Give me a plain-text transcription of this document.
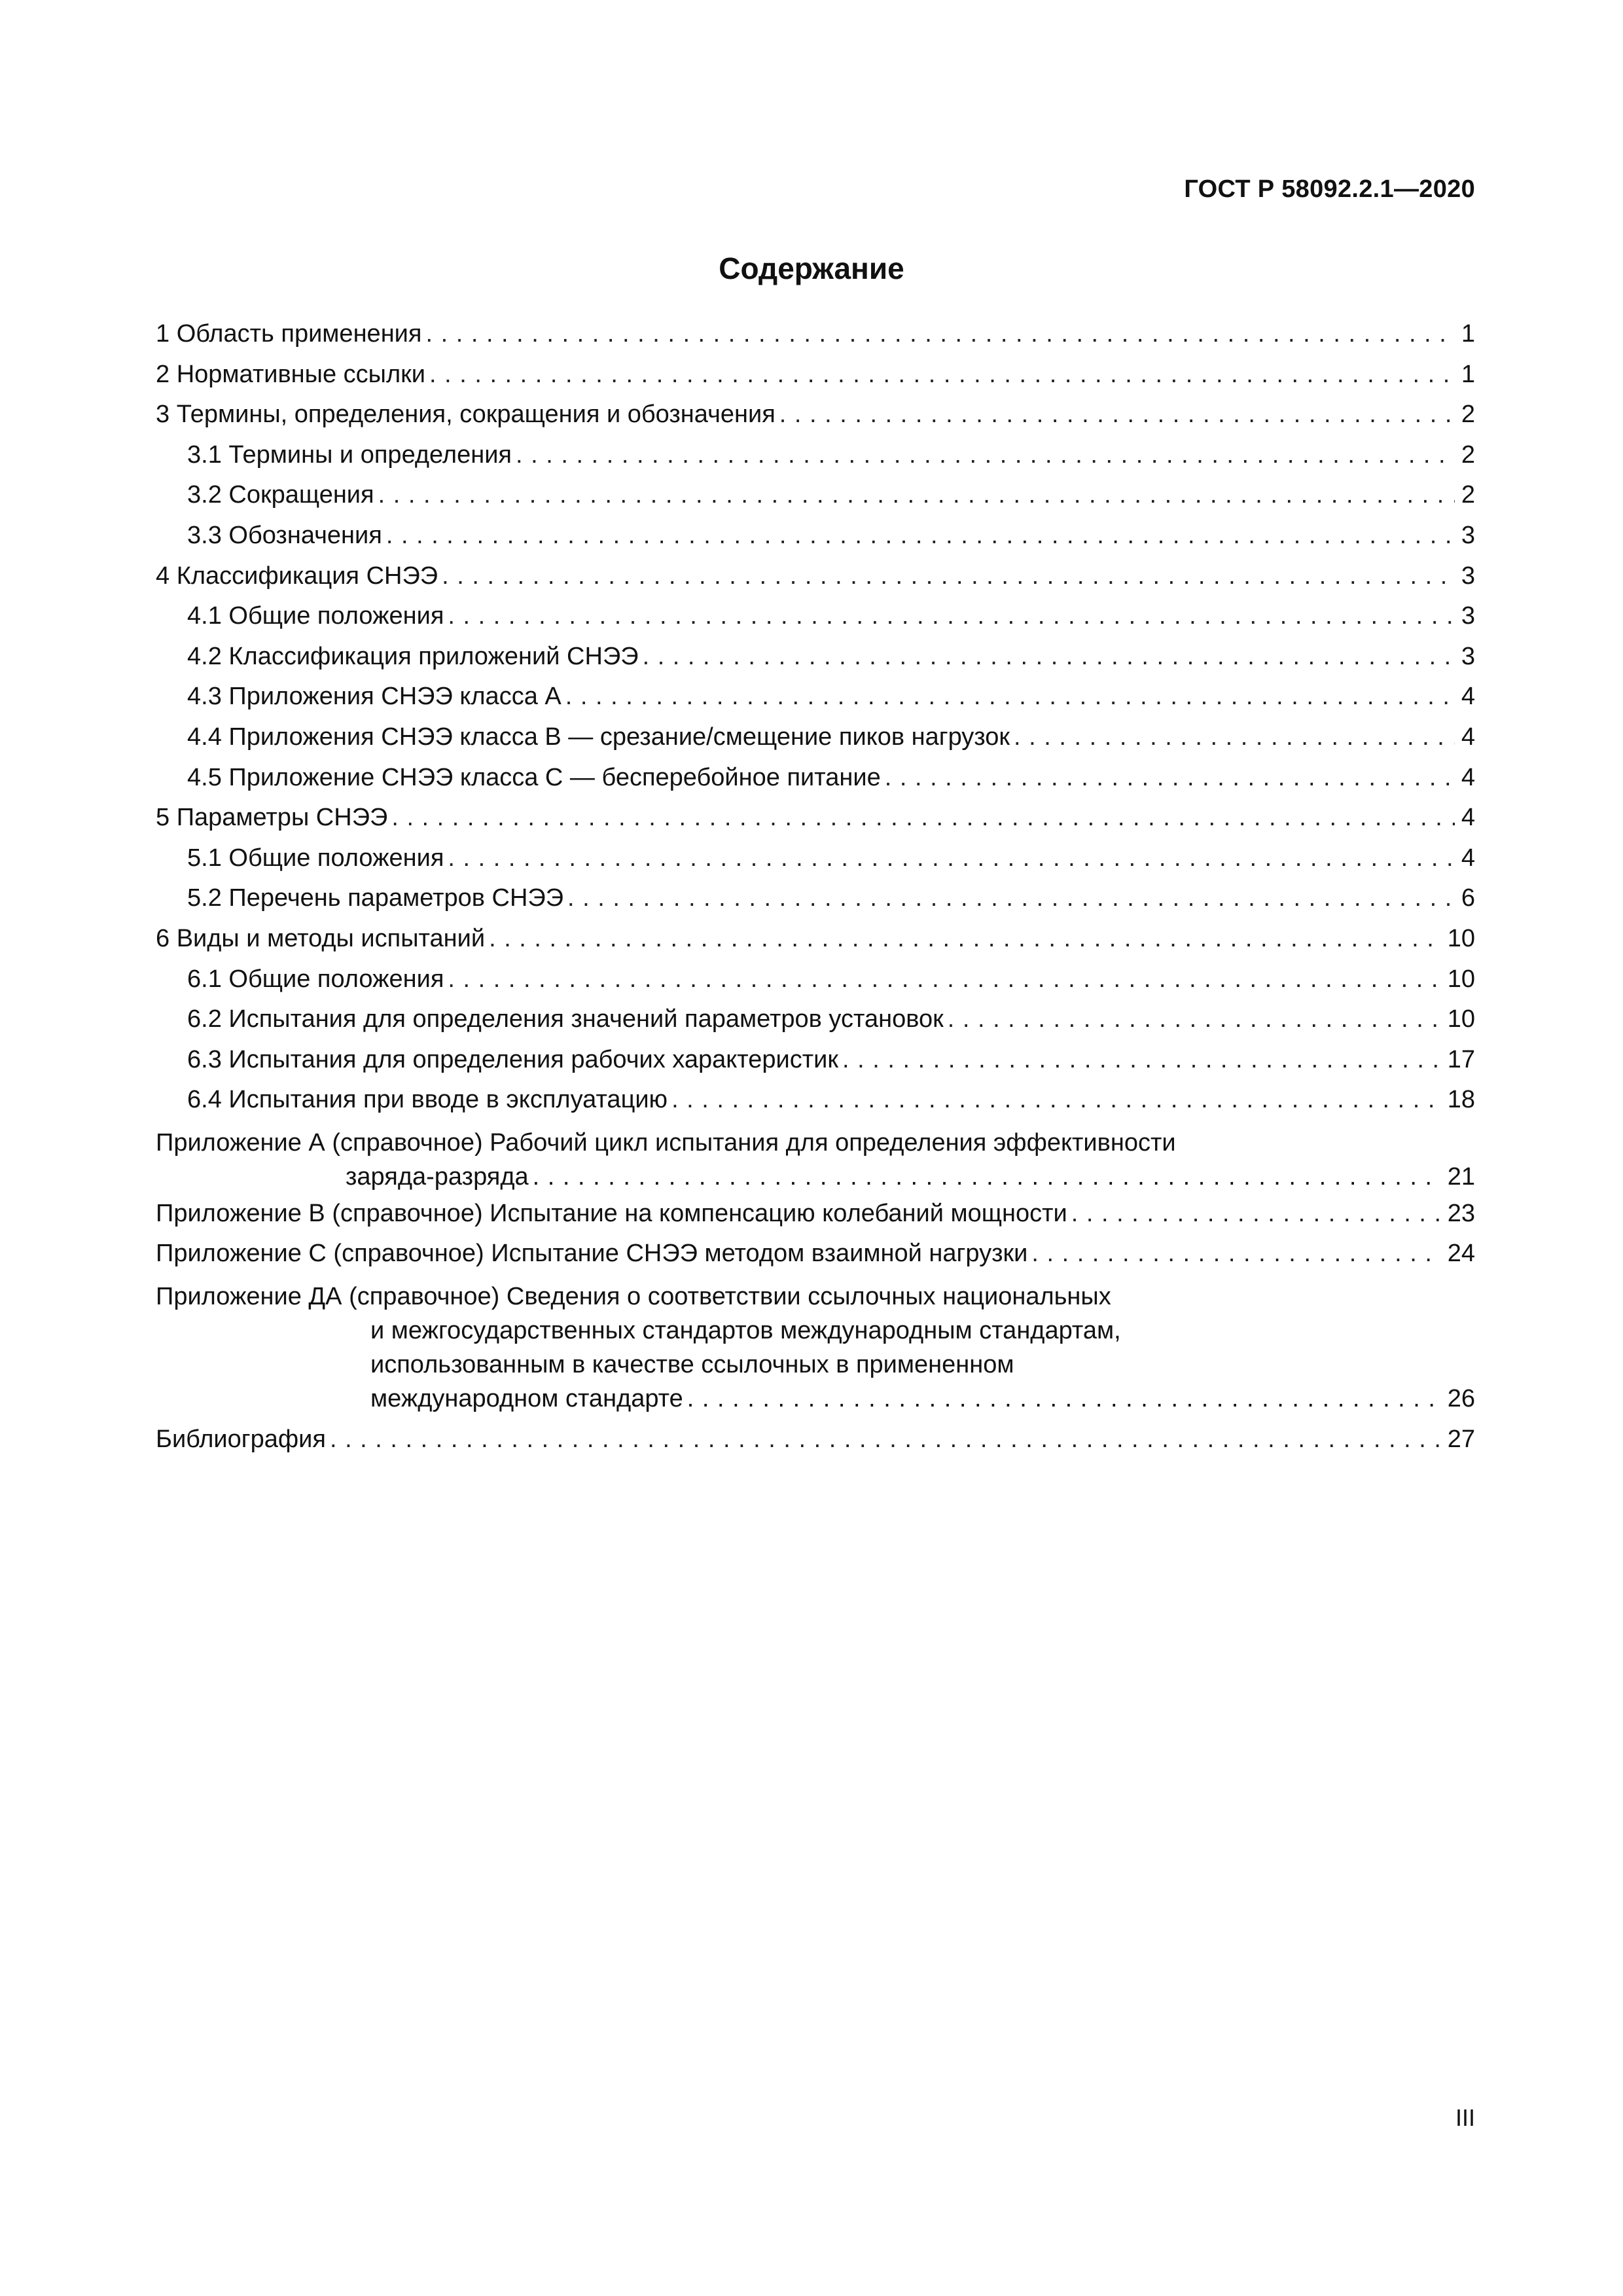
ГОСТ Р 58092.2.1—2020
Содержание
1 Область применения . . .	1
2 Нормативные ссылки . . .	1
3 Термины, определения, сокращения и обозначения . . .	2
3.1 Термины и определения . . .	2
3.2 Сокращения . . .	2
3.3 Обозначения . . .	3
4 Классификация СНЭЭ . . .	3
4.1 Общие положения . . .	3
4.2 Классификация приложений СНЭЭ . . .	3
4.3 Приложения СНЭЭ класса А . . .	4
4.4 Приложения СНЭЭ класса В — срезание/смещение пиков нагрузок . . .	4
4.5 Приложение СНЭЭ класса С — бесперебойное питание . . .	4
5 Параметры СНЭЭ . . .	4
5.1 Общие положения . . .	4
5.2 Перечень параметров СНЭЭ . . .	6
6 Виды и методы испытаний . . .	10
6.1 Общие положения . . .	10
6.2 Испытания для определения значений параметров установок . . .	10
6.3 Испытания для определения рабочих характеристик . . .	17
6.4 Испытания при вводе в эксплуатацию . . .	18
Приложение А (справочное) Рабочий цикл испытания для определения эффективности
заряда-разряда . . .	21
Приложение В (справочное) Испытание на компенсацию колебаний мощности . . .	23
Приложение С (справочное) Испытание СНЭЭ методом взаимной нагрузки . . .	24
Приложение ДА (справочное) Сведения о соответствии ссылочных национальных
и межгосударственных стандартов международным стандартам,
использованным в качестве ссылочных в примененном
международном стандарте . . .	26
Библиография . . .	27
III
